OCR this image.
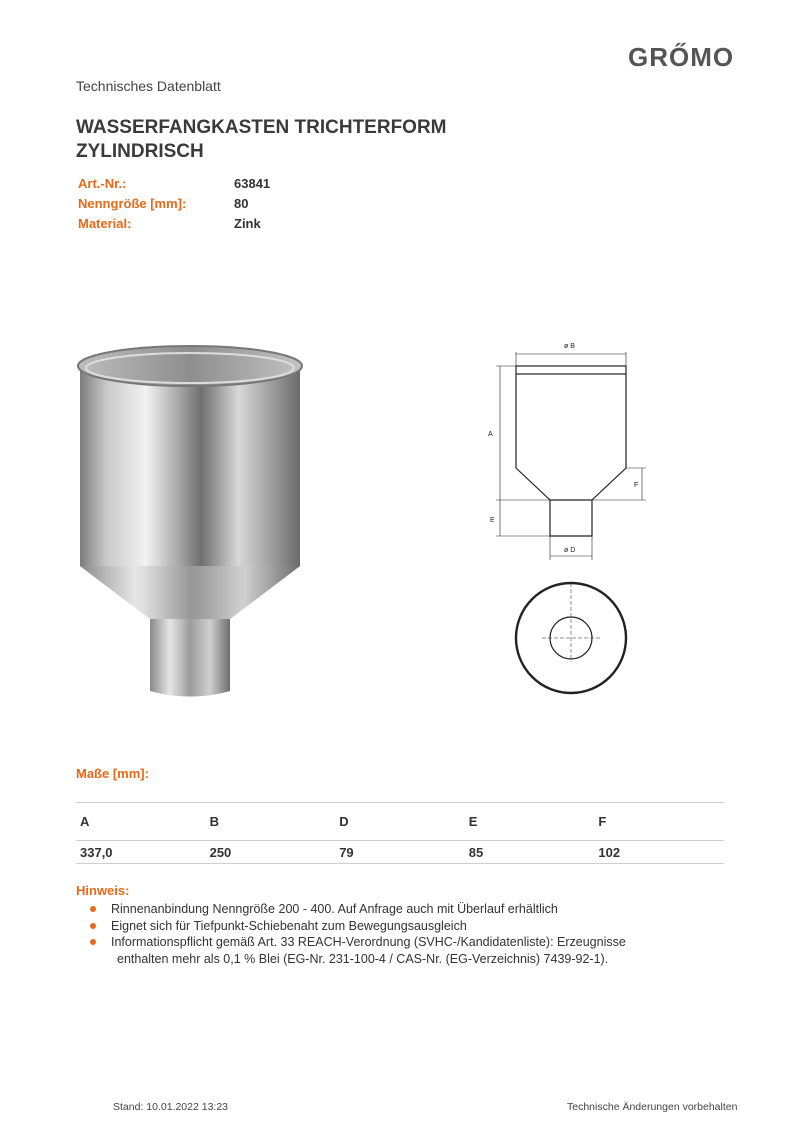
GRŐMO
Technisches Datenblatt
WASSERFANGKASTEN TRICHTERFORM
ZYLINDRISCH
Art.-Nr.:	63841
Nenngröße [mm]:	80
Material:	Zink
ø B
A
F
E
ø D
Maße [mm]:
A	B	D	E	F
337,0	250	79	85	102
Hinweis:
Rinnenanbindung Nenngröße 200 - 400. Auf Anfrage auch mit Überlauf erhältlich
Eignet sich für Tiefpunkt-Schiebenaht zum Bewegungsausgleich
Informationspflicht gemäß Art. 33 REACH-Verordnung (SVHC-/Kandidatenliste): Erzeugnisse
enthalten mehr als 0,1 % Blei (EG-Nr. 231-100-4 / CAS-Nr. (EG-Verzeichnis) 7439-92-1).
Stand: 10.01.2022 13:23	Technische Änderungen vorbehalten
